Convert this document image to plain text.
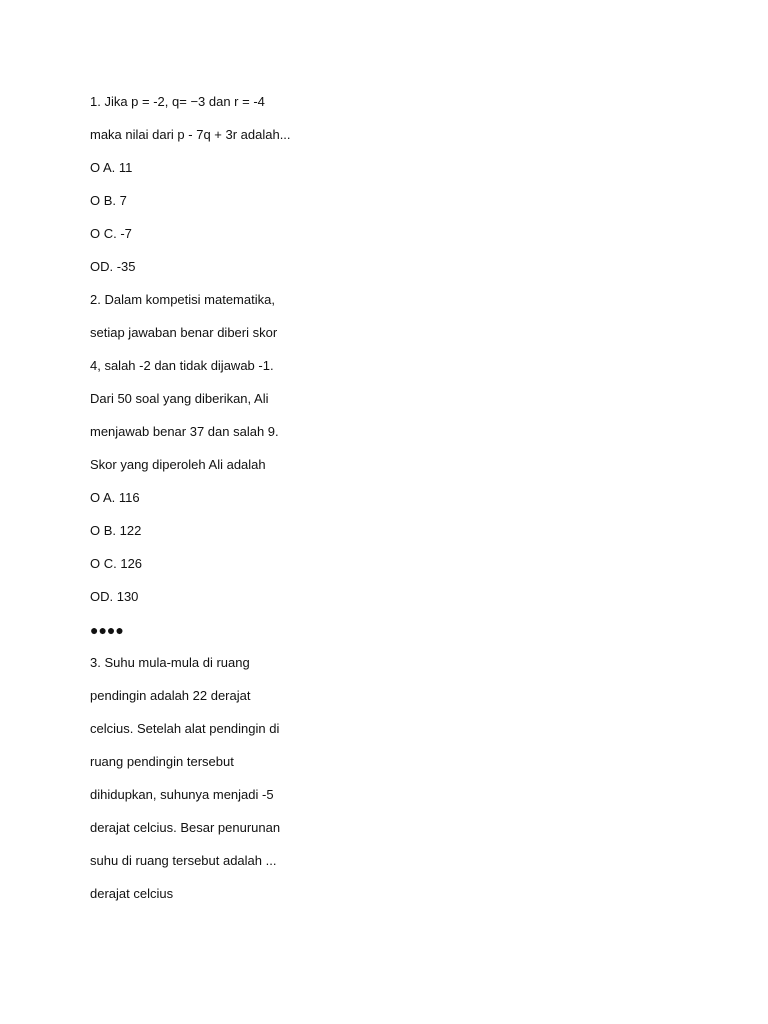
1. Jika p = -2, q= −3 dan r = -4
maka nilai dari p - 7q + 3r adalah...
O A. 11
O B. 7
O C. -7
OD. -35
2. Dalam kompetisi matematika,
setiap jawaban benar diberi skor
4, salah -2 dan tidak dijawab -1.
Dari 50 soal yang diberikan, Ali
menjawab benar 37 dan salah 9.
Skor yang diperoleh Ali adalah
O A. 116
O B. 122
O C. 126
OD. 130
●●●●
3. Suhu mula-mula di ruang
pendingin adalah 22 derajat
celcius. Setelah alat pendingin di
ruang pendingin tersebut
dihidupkan, suhunya menjadi -5
derajat celcius. Besar penurunan
suhu di ruang tersebut adalah ...
derajat celcius
